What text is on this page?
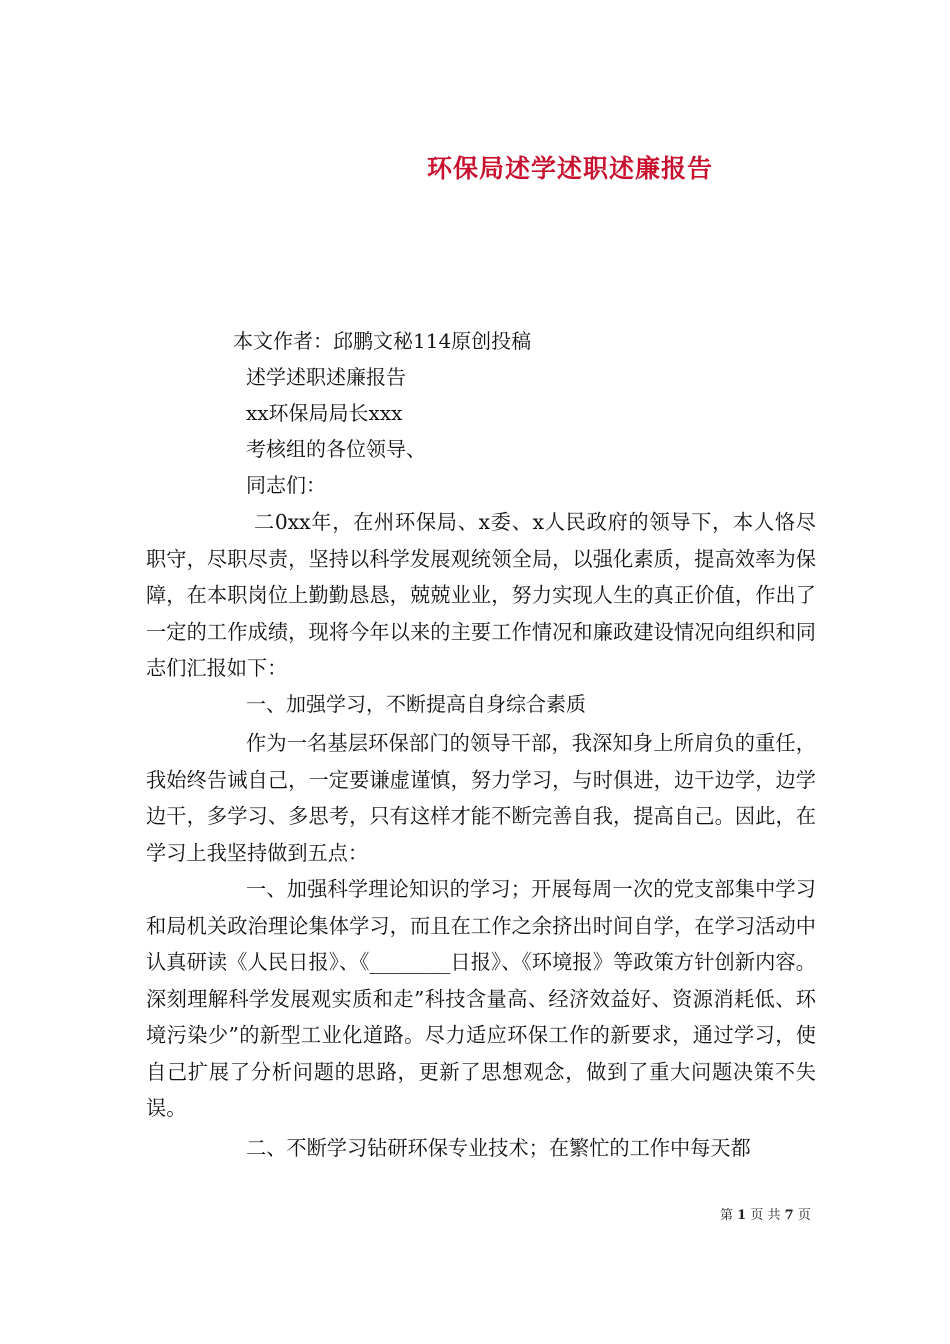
环保局述学述职述廉报告

本文作者：邱鹏文秘114原创投稿

述学述职述廉报告

xx环保局局长xxx

考核组的各位领导、

同志们：

二0xx年，在州环保局、x委、x人民政府的领导下，本人恪尽职守，尽职尽责，坚持以科学发展观统领全局，以强化素质，提高效率为保障，在本职岗位上勤勤恳恳，兢兢业业，努力实现人生的真正价值，作出了一定的工作成绩，现将今年以来的主要工作情况和廉政建设情况向组织和同志们汇报如下：

一、加强学习，不断提高自身综合素质

作为一名基层环保部门的领导干部，我深知身上所肩负的重任，我始终告诫自己，一定要谦虚谨慎，努力学习，与时俱进，边干边学，边学边干，多学习、多思考，只有这样才能不断完善自我，提高自己。因此，在学习上我坚持做到五点：

一、加强科学理论知识的学习；开展每周一次的党支部集中学习和局机关政治理论集体学习，而且在工作之余挤出时间自学，在学习活动中认真研读《人民日报》、《________日报》、《环境报》等政策方针创新内容。深刻理解科学发展观实质和走”科技含量高、经济效益好、资源消耗低、环境污染少”的新型工业化道路。尽力适应环保工作的新要求，通过学习，使自己扩展了分析问题的思路，更新了思想观念，做到了重大问题决策不失误。

二、不断学习钻研环保专业技术；在繁忙的工作中每天都

第 1 页 共 7 页
